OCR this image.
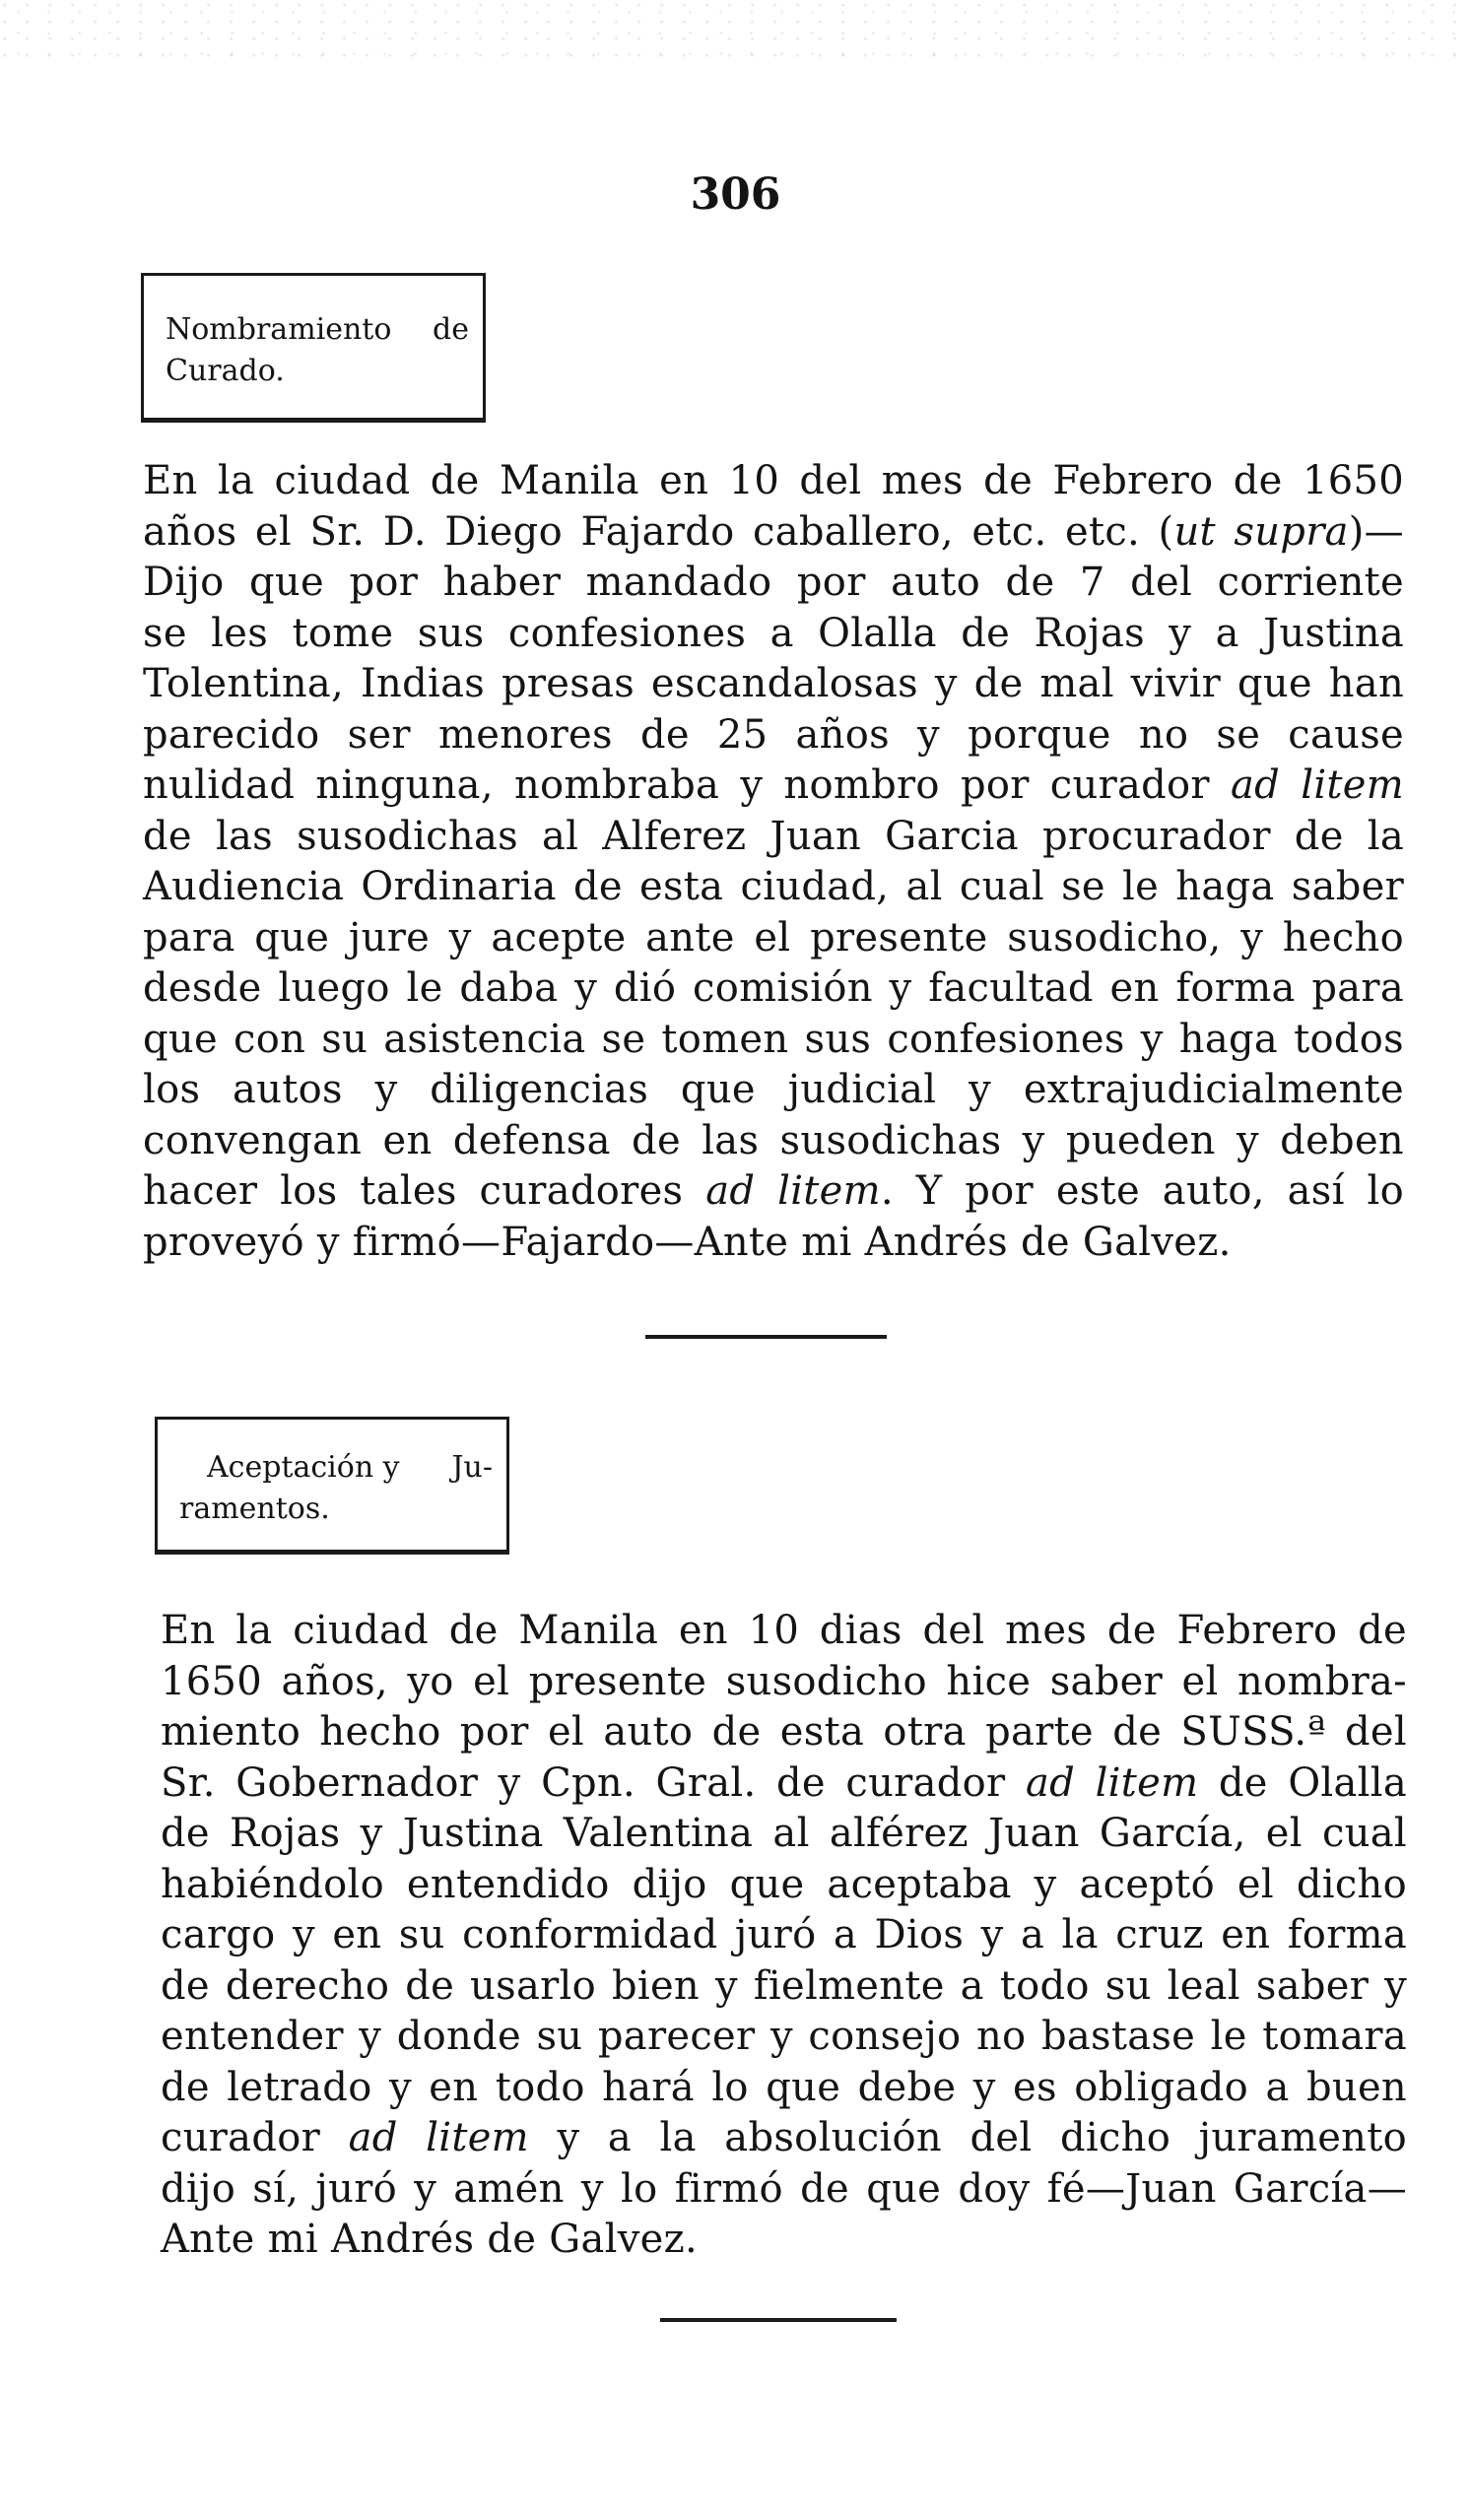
306
Nombramiento de
Curado.
En la ciudad de Manila en 10 del mes de Febrero de 1650
años el Sr. D. Diego Fajardo caballero, etc. etc. (ut supra)—
Dijo que por haber mandado por auto de 7 del corriente
se les tome sus confesiones a Olalla de Rojas y a Justina
Tolentina, Indias presas escandalosas y de mal vivir que han
parecido ser menores de 25 años y porque no se cause
nulidad ninguna, nombraba y nombro por curador ad litem
de las susodichas al Alferez Juan Garcia procurador de la
Audiencia Ordinaria de esta ciudad, al cual se le haga saber
para que jure y acepte ante el presente susodicho, y hecho
desde luego le daba y dió comisión y facultad en forma para
que con su asistencia se tomen sus confesiones y haga todos
los autos y diligencias que judicial y extrajudicialmente
convengan en defensa de las susodichas y pueden y deben
hacer los tales curadores ad litem. Y por este auto, así lo
proveyó y firmó—Fajardo—Ante mi Andrés de Galvez.
Aceptación y Ju-
ramentos.
En la ciudad de Manila en 10 dias del mes de Febrero de
1650 años, yo el presente susodicho hice saber el nombra-
miento hecho por el auto de esta otra parte de SUSS.ª del
Sr. Gobernador y Cpn. Gral. de curador ad litem de Olalla
de Rojas y Justina Valentina al alférez Juan García, el cual
habiéndolo entendido dijo que aceptaba y aceptó el dicho
cargo y en su conformidad juró a Dios y a la cruz en forma
de derecho de usarlo bien y fielmente a todo su leal saber y
entender y donde su parecer y consejo no bastase le tomara
de letrado y en todo hará lo que debe y es obligado a buen
curador ad litem y a la absolución del dicho juramento
dijo sí, juró y amén y lo firmó de que doy fé—Juan García—
Ante mi Andrés de Galvez.
